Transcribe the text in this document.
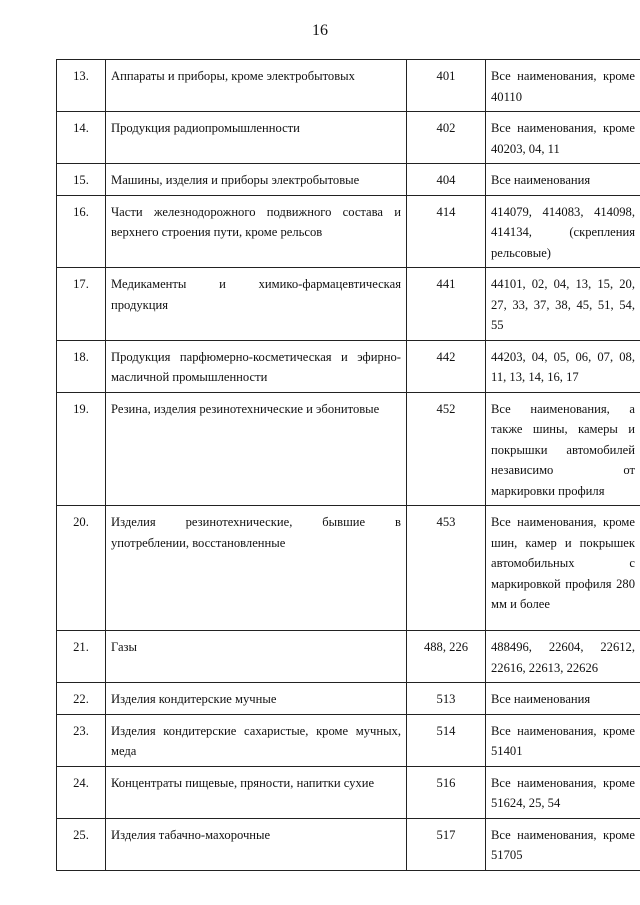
16
13.	Аппараты и приборы, кроме электробытовых	401	Все наименования, кроме 40110
14.	Продукция радиопромышленности	402	Все наименования, кроме 40203, 04, 11
15.	Машины, изделия и приборы электробытовые	404	Все наименования
16.	Части железнодорожного подвижного состава и верхнего строения пути, кроме рельсов	414	414079, 414083, 414098, 414134, (скрепления рельсовые)
17.	Медикаменты и химико-фармацевтическая продукция	441	44101, 02, 04, 13, 15, 20, 27, 33, 37, 38, 45, 51, 54, 55
18.	Продукция парфюмерно-косметическая и эфирно-масличной промышленности	442	44203, 04, 05, 06, 07, 08, 11, 13, 14, 16, 17
19.	Резина, изделия резинотехнические и эбонитовые	452	Все наименования, а также шины, камеры и покрышки автомобилей независимо от маркировки профиля
20.	Изделия резинотехнические, бывшие в употреблении, восстановленные	453	Все наименования, кроме шин, камер и покрышек автомобильных с маркировкой профиля 280 мм и более
21.	Газы	488, 226	488496, 22604, 22612, 22616, 22613, 22626
22.	Изделия кондитерские мучные	513	Все наименования
23.	Изделия кондитерские сахаристые, кроме мучных, меда	514	Все наименования, кроме 51401
24.	Концентраты пищевые, пряности, напитки сухие	516	Все наименования, кроме 51624, 25, 54
25.	Изделия табачно-махорочные	517	Все наименования, кроме 51705
